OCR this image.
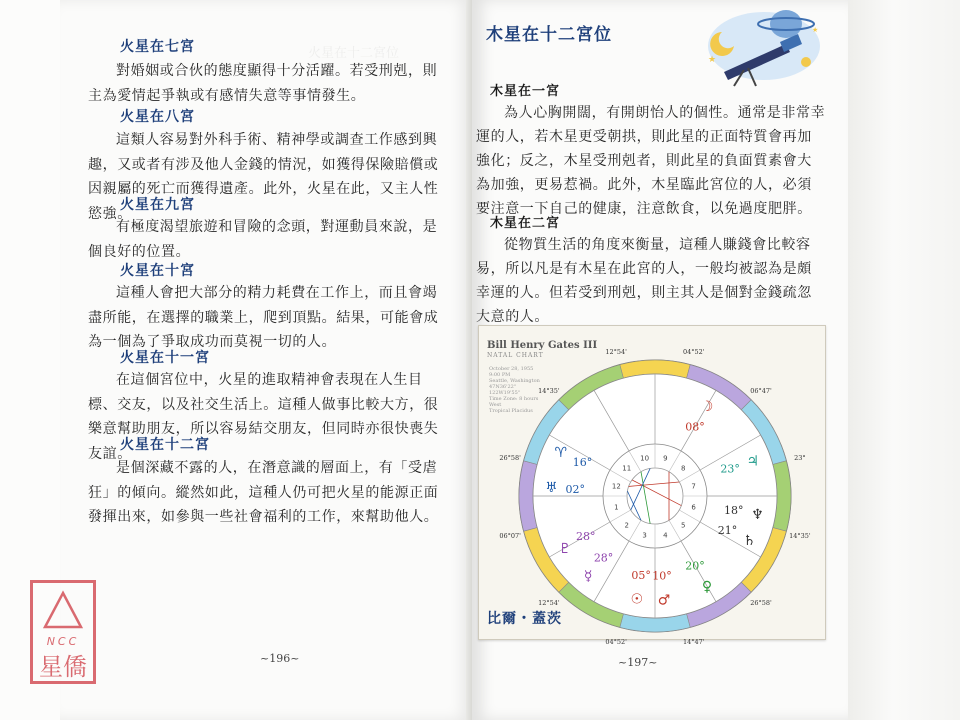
火星在十二宮位

火星在七宮
對婚姻或合伙的態度顯得十分活躍。若受刑剋，則主為愛情起爭執或有感情失意等事情發生。
火星在八宮
這類人容易對外科手術、精神學或調查工作感到興趣，又或者有涉及他人金錢的情況，如獲得保險賠償或因親屬的死亡而獲得遺產。此外，火星在此，又主人性慾強。
火星在九宮
有極度渴望旅遊和冒險的念頭，對運動員來說，是個良好的位置。
火星在十宮
這種人會把大部分的精力耗費在工作上，而且會竭盡所能，在選擇的職業上，爬到頂點。結果，可能會成為一個為了爭取成功而莫視一切的人。
火星在十一宮
在這個宮位中，火星的進取精神會表現在人生目標、交友，以及社交生活上。這種人做事比較大方，很樂意幫助朋友，所以容易結交朋友，但同時亦很快喪失友誼。
火星在十二宮
是個深藏不露的人，在潛意識的層面上，有「受虐狂」的傾向。縱然如此，這種人仍可把火星的能源正面發揮出來，如參與一些社會福利的工作，來幫助他人。
~196~
木星在十二宮位
★
★
木星在一宮
為人心胸開闊，有開朗怡人的個性。通常是非常幸運的人，若木星更受朝拱，則此星的正面特質會再加強化；反之，木星受刑剋者，則此星的負面質素會大為加強，更易惹禍。此外，木星臨此宮位的人，必須要注意一下自己的健康，注意飲食，以免過度肥胖。
木星在二宮
從物質生活的角度來衡量，這種人賺錢會比較容易，所以凡是有木星在此宮的人，一般均被認為是頗幸運的人。但若受到刑剋，則主其人是個對金錢疏忽大意的人。
~197~
Bill Henry Gates III
NATAL CHART
October 28, 1955
9:00 PM
Seattle, Washington
47N36'22" 122W19'55"
Time Zone: 8 hours West
Tropical Placidus
1
2
3 4
5
6
7
8
9
10
11
12
12°54'	04°52'
06°47'
23°
14°35'
26°58'
14°47'
04°52'
12°54'
06°07'
26°58'
14°35'
☽
08°
♃
23°
♆
18°
♄
21°
♀
20°
♂
10°
☉
05°
☿
28°
♇
28°
♅ 02°
♈
16°
比爾・蓋茨
NCC
星僑
